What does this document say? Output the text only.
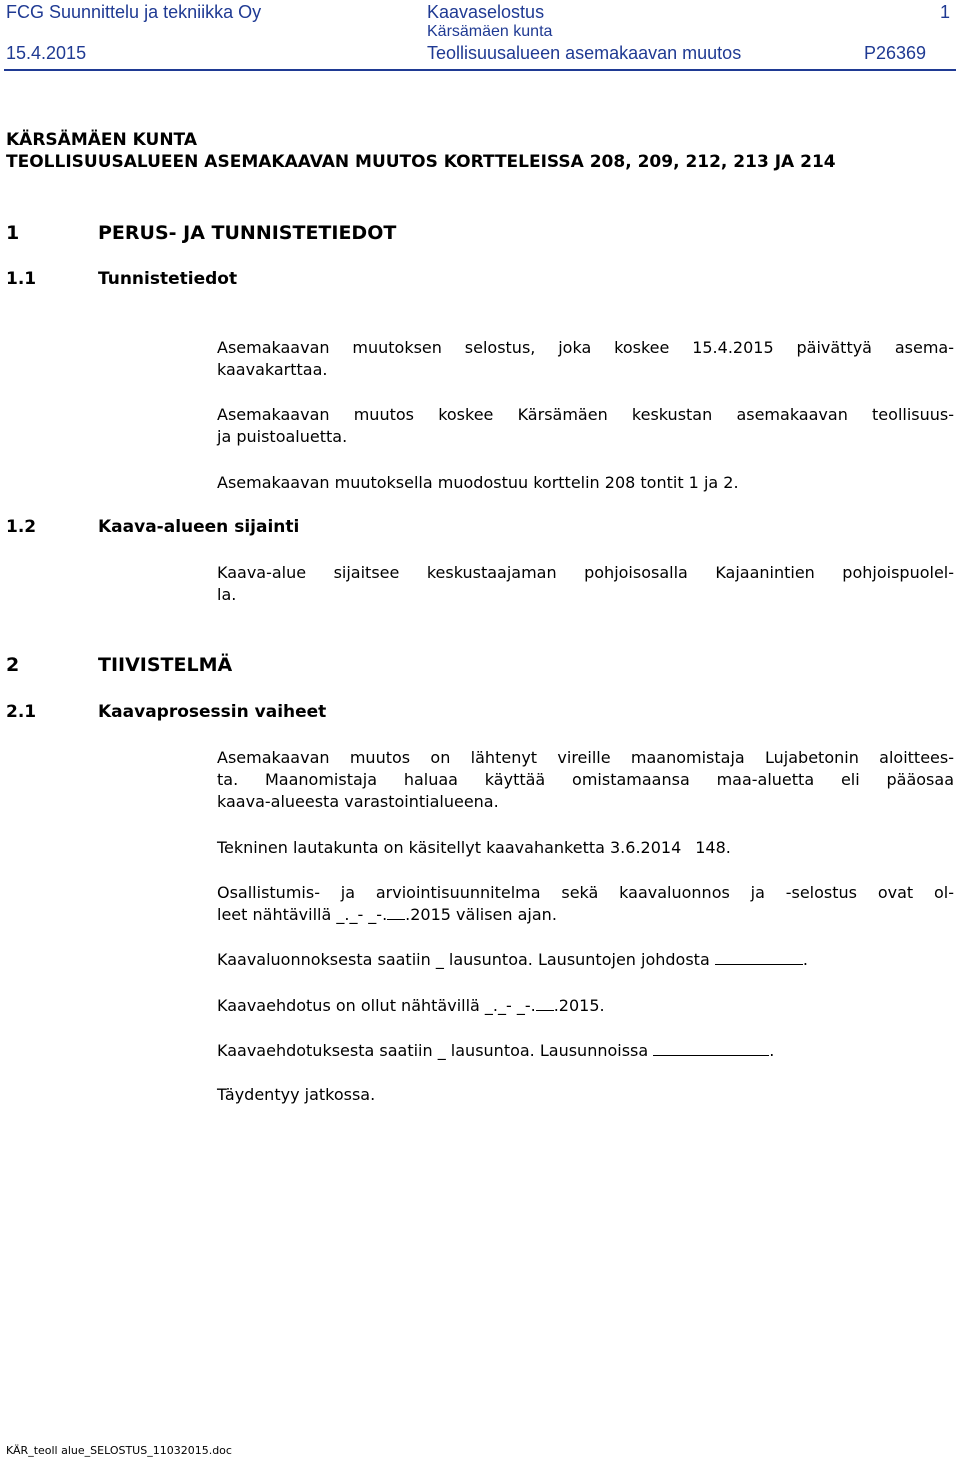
FCG Suunnittelu ja tekniikka Oy
15.4.2015
Kaavaselostus
Kärsämäen kunta
Teollisuusalueen asemakaavan muutos
1
P26369
KÄRSÄMÄEN KUNTA
TEOLLISUUSALUEEN ASEMAKAAVAN MUUTOS KORTTELEISSA 208, 209, 212, 213 JA 214
1	PERUS- JA TUNNISTETIEDOT
1.1	Tunnistetiedot
Asemakaavan muutoksen selostus, joka koskee 15.4.2015 päivättyä asema-
kaavakarttaa.
Asemakaavan muutos koskee Kärsämäen keskustan asemakaavan teollisuus-
ja puistoaluetta.
Asemakaavan muutoksella muodostuu korttelin 208 tontit 1 ja 2.
1.2	Kaava-alueen sijainti
Kaava-alue sijaitsee keskustaajaman pohjoisosalla Kajaanintien pohjoispuolel-
la.
2	TIIVISTELMÄ
2.1	Kaavaprosessin vaiheet
Asemakaavan muutos on lähtenyt vireille maanomistaja Lujabetonin aloittees-
ta. Maanomistaja haluaa käyttää omistamaansa maa-aluetta eli pääosaa
kaava-alueesta varastointialueena.
Tekninen lautakunta on käsitellyt kaavahanketta 3.6.2014 148.
Osallistumis- ja arviointisuunnitelma sekä kaavaluonnos ja -selostus ovat ol-
leet nähtävillä _._- _-. .2015 välisen ajan.
Kaavaluonnoksesta saatiin _ lausuntoa. Lausuntojen johdosta	.
Kaavaehdotus on ollut nähtävillä _._- _-. .2015.
Kaavaehdotuksesta saatiin _ lausuntoa. Lausunnoissa	.
Täydentyy jatkossa.
KÄR_teoll alue_SELOSTUS_11032015.doc
